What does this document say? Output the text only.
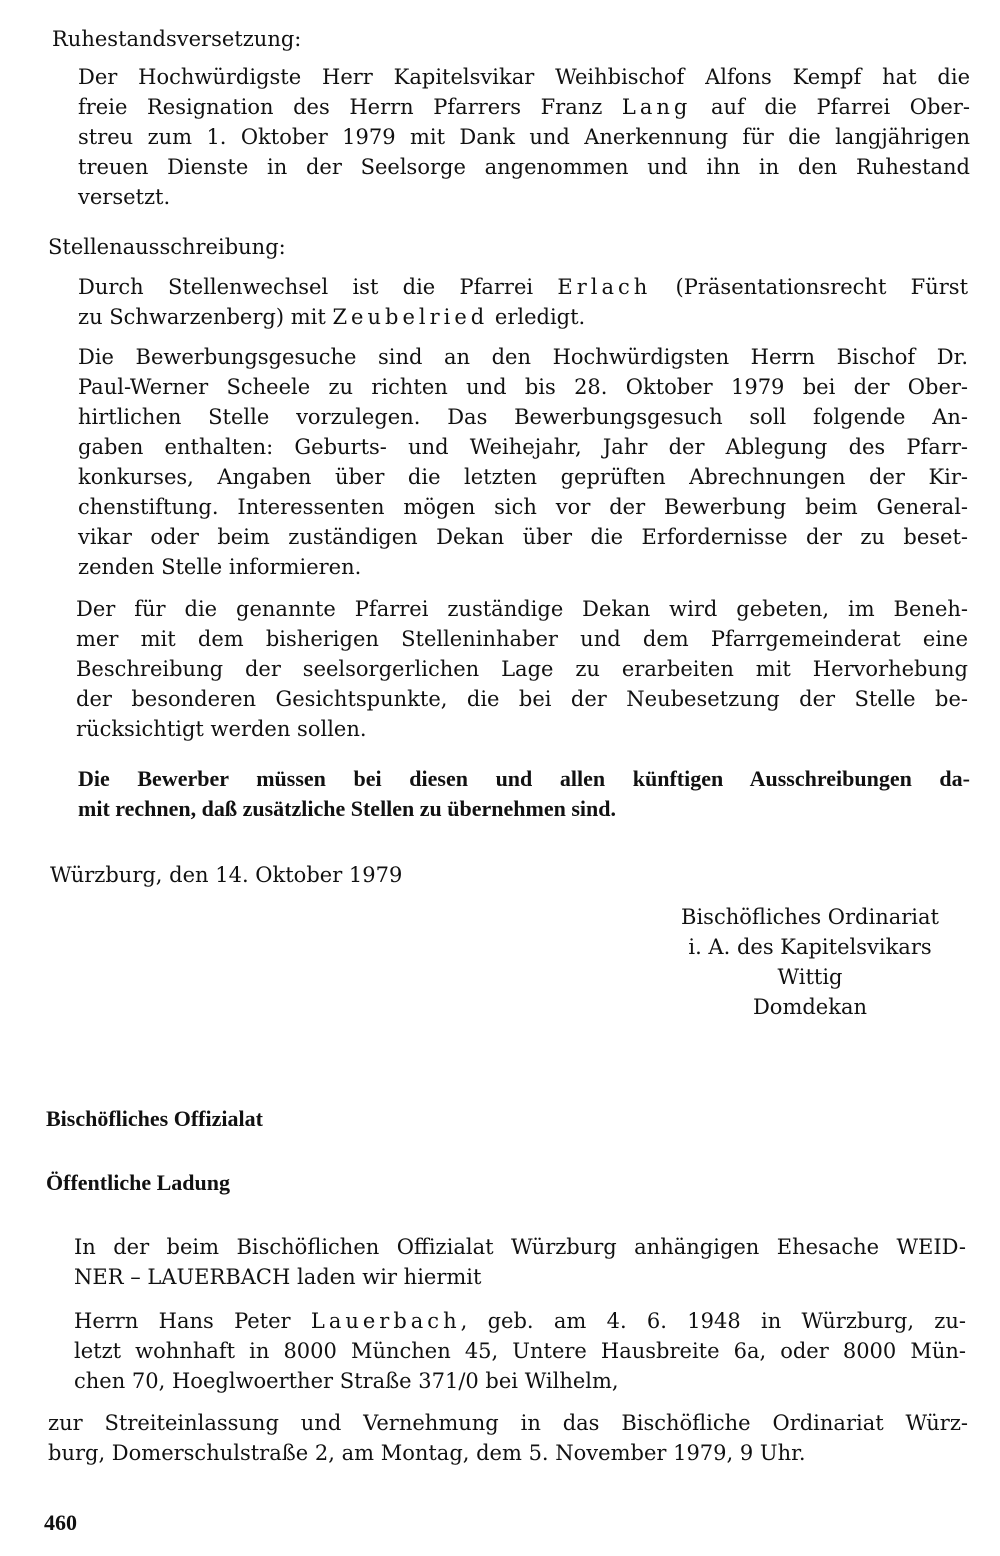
Ruhestandsversetzung:
Der Hochwürdigste Herr Kapitelsvikar Weihbischof Alfons Kempf hat die
freie Resignation des Herrn Pfarrers Franz Lang auf die Pfarrei Ober-
streu zum 1. Oktober 1979 mit Dank und Anerkennung für die langjährigen
treuen Dienste in der Seelsorge angenommen und ihn in den Ruhestand
versetzt.
Stellenausschreibung:
Durch Stellenwechsel ist die Pfarrei Erlach (Präsentationsrecht Fürst
zu Schwarzenberg) mit Zeubelried erledigt.
Die Bewerbungsgesuche sind an den Hochwürdigsten Herrn Bischof Dr.
Paul-Werner Scheele zu richten und bis 28. Oktober 1979 bei der Ober-
hirtlichen Stelle vorzulegen. Das Bewerbungsgesuch soll folgende An-
gaben enthalten: Geburts- und Weihejahr, Jahr der Ablegung des Pfarr-
konkurses, Angaben über die letzten geprüften Abrechnungen der Kir-
chenstiftung. Interessenten mögen sich vor der Bewerbung beim General-
vikar oder beim zuständigen Dekan über die Erfordernisse der zu beset-
zenden Stelle informieren.
Der für die genannte Pfarrei zuständige Dekan wird gebeten, im Beneh-
mer mit dem bisherigen Stelleninhaber und dem Pfarrgemeinderat eine
Beschreibung der seelsorgerlichen Lage zu erarbeiten mit Hervorhebung
der besonderen Gesichtspunkte, die bei der Neubesetzung der Stelle be-
rücksichtigt werden sollen.
Die Bewerber müssen bei diesen und allen künftigen Ausschreibungen da-
mit rechnen, daß zusätzliche Stellen zu übernehmen sind.
Würzburg, den 14. Oktober 1979
Bischöfliches Ordinariat
i. A. des Kapitelsvikars
Wittig
Domdekan
Bischöfliches Offizialat
Öffentliche Ladung
In der beim Bischöflichen Offizialat Würzburg anhängigen Ehesache WEID-
NER – LAUERBACH laden wir hiermit
Herrn Hans Peter Lauerbach, geb. am 4. 6. 1948 in Würzburg, zu-
letzt wohnhaft in 8000 München 45, Untere Hausbreite 6a, oder 8000 Mün-
chen 70, Hoeglwoerther Straße 371/0 bei Wilhelm,
zur Streiteinlassung und Vernehmung in das Bischöfliche Ordinariat Würz-
burg, Domerschulstraße 2, am Montag, dem 5. November 1979, 9 Uhr.
460
